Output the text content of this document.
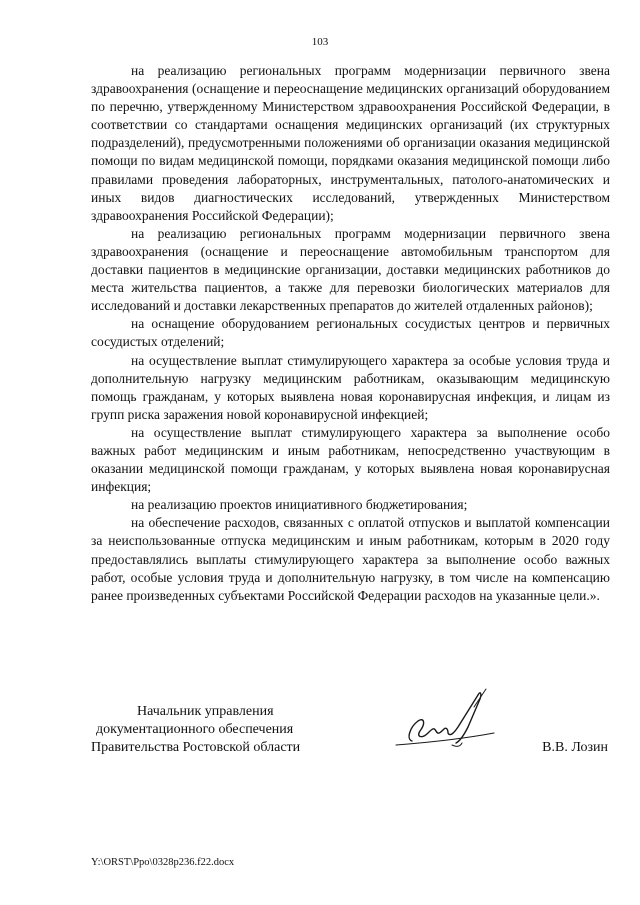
103

на реализацию региональных программ модернизации первичного звена здравоохранения (оснащение и переоснащение медицинских организаций оборудованием по перечню, утвержденному Министерством здравоохранения Российской Федерации, в соответствии со стандартами оснащения медицинских организаций (их структурных подразделений), предусмотренными положениями об организации оказания медицинской помощи по видам медицинской помощи, порядками оказания медицинской помощи либо правилами проведения лабораторных, инструментальных, патолого-анатомических и иных видов диагностических исследований, утвержденных Министерством здравоохранения Российской Федерации);

на реализацию региональных программ модернизации первичного звена здравоохранения (оснащение и переоснащение автомобильным транспортом для доставки пациентов в медицинские организации, доставки медицинских работников до места жительства пациентов, а также для перевозки биологических материалов для исследований и доставки лекарственных препаратов до жителей отдаленных районов);

на оснащение оборудованием региональных сосудистых центров и первичных сосудистых отделений;

на осуществление выплат стимулирующего характера за особые условия труда и дополнительную нагрузку медицинским работникам, оказывающим медицинскую помощь гражданам, у которых выявлена новая коронавирусная инфекция, и лицам из групп риска заражения новой коронавирусной инфекцией;

на осуществление выплат стимулирующего характера за выполнение особо важных работ медицинским и иным работникам, непосредственно участвующим в оказании медицинской помощи гражданам, у которых выявлена новая коронавирусная инфекция;

на реализацию проектов инициативного бюджетирования;

на обеспечение расходов, связанных с оплатой отпусков и выплатой компенсации за неиспользованные отпуска медицинским и иным работникам, которым в 2020 году предоставлялись выплаты стимулирующего характера за выполнение особо важных работ, особые условия труда и дополнительную нагрузку, в том числе на компенсацию ранее произведенных субъектами Российской Федерации расходов на указанные цели.».

Начальник управления
документационного обеспечения
Правительства Ростовской области	В.В. Лозин
Y:\ORST\Ppo\0328p236.f22.docx
